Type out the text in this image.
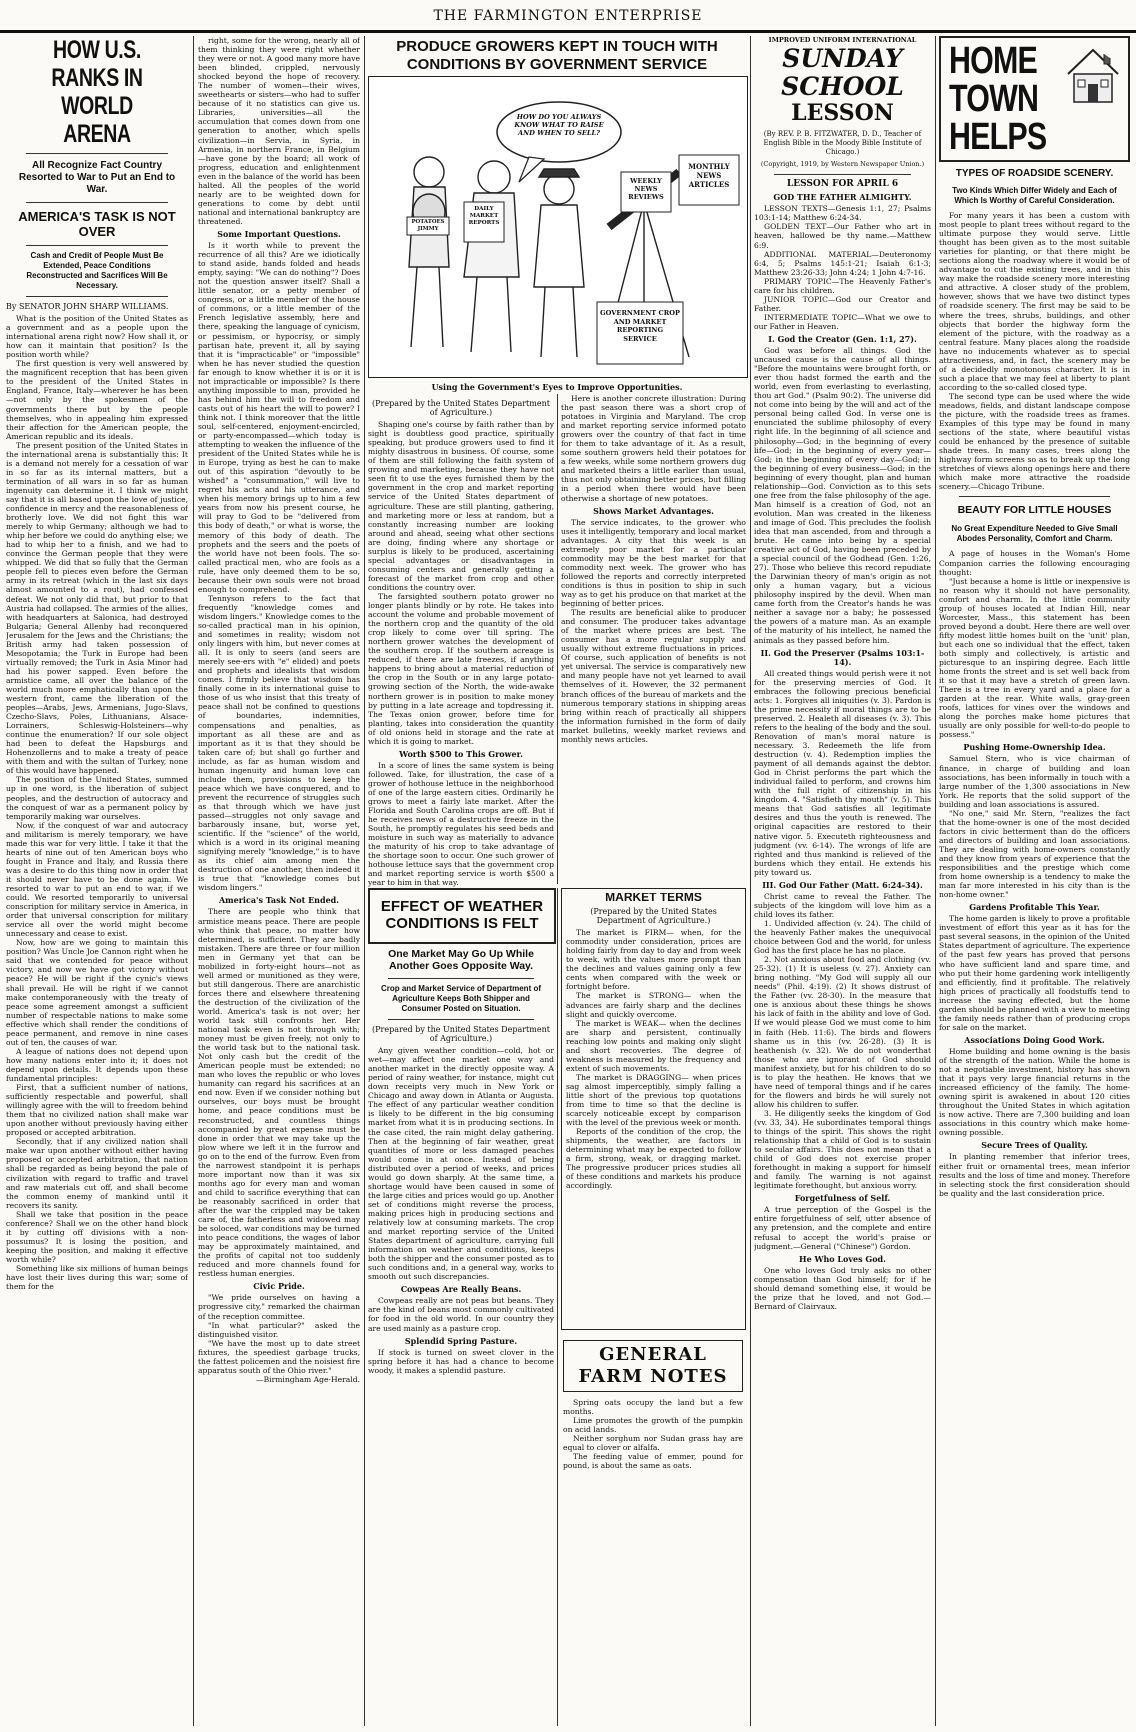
THE FARMINGTON ENTERPRISE
HOW U.S. RANKS IN WORLD ARENA
All Recognize Fact Country Resorted to War to Put an End to War.
AMERICA'S TASK IS NOT OVER
Cash and Credit of People Must Be Extended, Peace Conditions Reconstructed and Sacrifices Will Be Necessary.
By SENATOR JOHN SHARP WILLIAMS.

What is the position of the United States as a government and as a people upon the international arena right now? How shall it, or how can it maintain that position? Is the position worth while?

The first question is very well answered by the magnificent reception that has been given to the president of the United States in England, France, Italy—wherever he has been—not only by the spokesmen of the governments there but by the people themselves, who in appealing him expressed their affection for the American people, the American republic and its ideals.

The present position of the United States in the international arena is substantially this: It is a demand not merely for a cessation of war in so far as its internal matters, but a termination of all wars in so far as human ingenuity can determine it. I think we might say that it is all based upon the love of justice, confidence in mercy and the reasonableness of brotherly love. We did not fight this war merely to whip Germany; although we had to whip her before we could do anything else; we had to whip her to a finish, and we had to convince the German people that they were whipped. We did that so fully that the German people fell to pieces even before the German army in its retreat (which in the last six days almost amounted to a rout), had confessed defeat. We not only did that, but prior to that Austria had collapsed. The armies of the allies, with headquarters at Salonica, had destroyed Bulgaria; General Allenby had reconquered Jerusalem for the Jews and the Christians; the British army had taken possession of Mesopotamia; the Turk in Europe had been virtually removed; the Turk in Asia Minor had had his power sapped. Even before the armistice came, all over the balance of the world much more emphatically than upon the western front, came the liberation of the peoples—Arabs, Jews, Armenians, Jugo-Slavs, Czecho-Slavs, Poles, Lithuanians, Alsace-Lorrainers, Schleswig-Holsteiners—why continue the enumeration? If our sole object had been to defeat the Hapsburgs and Hohenzollerns and to make a treaty of peace with them and with the sultan of Turkey, none of this would have happened.

The position of the United States, summed up in one word, is the liberation of subject peoples, and the destruction of autocracy and the conquest of war as a permanent policy by temporarily making war ourselves.

Now, if the conquest of war and autocracy and militarism is merely temporary, we have made this war for very little. I take it that the hearts of nine out of ten American boys who fought in France and Italy, and Russia there was a desire to do this thing now in order that it should never have to be done again. We resorted to war to put an end to war, if we could. We resorted temporarily to universal conscription for military service in America, in order that universal conscription for military service all over the world might become unnecessary and cease to exist.

Now, how are we going to maintain this position? Was Uncle Joe Cannon right when he said that we contended for peace without victory, and now we have got victory without peace? He will be right if the cynic's views shall prevail. He will be right if we cannot make contemporaneously with the treaty of peace some agreement amongst a sufficient number of respectable nations to make some effective which shall render the conditions of peace permanent, and remove in nine cases out of ten, the causes of war.

A league of nations does not depend upon how many nations enter into it; it does not depend upon details. It depends upon these fundamental principles:

First, that a sufficient number of nations, sufficiently respectable and powerful, shall willingly agree with the will to freedom behind them that no civilized nation shall make war upon another without previously having either proposed or accepted arbitration.

Secondly, that if any civilized nation shall make war upon another without either having proposed or accepted arbitration, that nation shall be regarded as being beyond the pale of civilization with regard to traffic and travel and raw materials cut off, and shall become the common enemy of mankind until it recovers its sanity.

Shall we take that position in the peace conference? Shall we on the other hand block it by cutting off divisions with a non-possumus? It is losing the position, and keeping the position, and making it effective worth while?

Something like six millions of human beings have lost their lives during this war; some of them for the

right, some for the wrong, nearly all of them thinking they were right whether they were or not. A good many more have been blinded, crippled, nervously shocked beyond the hope of recovery. The number of women—their wives, sweethearts or sisters—who had to suffer because of it no statistics can give us. Libraries, universities—all the accumulation that comes down from one generation to another, which spells civilization—in Servia, in Syria, in Armenia, in northern France, in Belgium—have gone by the board; all work of progress, education and enlightenment even in the balance of the world has been halted. All the peoples of the world nearly are to be weighted down for generations to come by debt until national and international bankruptcy are threatened.

Some Important Questions.

Is it worth while to prevent the recurrence of all this? Are we idiotically to stand aside, hands folded and heads empty, saying: "We can do nothing"? Does not the question answer itself? Shall a little senator, or a petty member of congress, or a little member of the house of commons, or a little member of the French legislative assembly, here and there, speaking the language of cynicism, or pessimism, or hypocrisy, or simply partisan hate, prevent it, all by saying that it is "impracticable" or "impossible" when he has never studied the question far enough to know whether it is or it is not impracticable or impossible? Is there anything impossible to man, provided he has behind him the will to freedom and casts out of his heart the will to power? I think not. I think moreover that the little soul, self-centered, enjoyment-encircled, or party-encompassed—which today is attempting to weaken the influence of the president of the United States while he is in Europe, trying as best he can to make out of this aspiration "devoutly to be wished" a "consummation," will live to regret his acts and his utterance, and when his memory brings up to him a few years from now his present course, he will pray to God to be "delivered from this body of death," or what is worse, the memory of this body of death. The prophets and the seers and the poets of the world have not been fools. The so-called practical men, who are fools as a rule, have only deemed them to be so, because their own souls were not broad enough to comprehend.

Tennyson refers to the fact that frequently "knowledge comes and wisdom lingers." Knowledge comes to the so-called practical man in his opinion, and sometimes in reality; wisdom not only lingers with him, but never comes at all. It is only to seers (and seers are merely see-ers with "e" elided) and poets and prophets and idealists that wisdom comes. I firmly believe that wisdom has finally come in its international guise to those of us who insist that this treaty of peace shall not be confined to questions of boundaries, indemnities, compensations and penalties, as important as all these are and as important as it is that they should be taken care of; but shall go further and include, as far as human wisdom and human ingenuity and human love can include them, provisions to keep the peace which we have conquered, and to prevent the recurrence of struggles such as that through which we have just passed—struggles not only savage and barbarously insane, but, worse yet, scientific. If the "science" of the world, which is a word in its original meaning signifying merely "knowledge," is to have as its chief aim among men the destruction of one another, then indeed it is true that "knowledge comes but wisdom lingers."

America's Task Not Ended.

There are people who think that armistice means peace. There are people who think that peace, no matter how determined, is sufficient. They are badly mistaken. There are three or four million men in Germany yet that can be mobilized in forty-eight hours—not as well armed or munitioned as they were, but still dangerous. There are anarchistic forces there and elsewhere threatening the destruction of the civilization of the world. America's task is not over; her world task still confronts her. Her national task even is not through with; money must be given freely, not only to the world task but to the national task. Not only cash but the credit of the American people must be extended; no man who loves the republic or who loves humanity can regard his sacrifices at an end now. Even if we consider nothing but ourselves, our boys must be brought home, and peace conditions must be reconstructed, and countless things accompanied by great expense must be done in order that we may take up the plow where we left it in the furrow and go on to the end of the furrow. Even from the narrowest standpoint it is perhaps more important now than it was six months ago for every man and woman and child to sacrifice everything that can be reasonably sacrificed in order that after the war the crippled may be taken care of, the fatherless and widowed may be soloced, war conditions may be turned into peace conditions, the wages of labor may be approximately maintained, and the profits of capital not too suddenly reduced and more channels found for restless human energies.

Civic Pride.

"We pride ourselves on having a progressive city," remarked the chairman of the reception committee.

"In what particular?" asked the distinguished visitor.

"We have the most up to date street fixtures, the speediest garbage trucks, the fattest policemen and the noisiest fire apparatus south of the Ohio river."

—Birmingham Age-Herald.

PRODUCE GROWERS KEPT IN TOUCH WITH CONDITIONS BY GOVERNMENT SERVICE
HOW DO YOU ALWAYS KNOW WHAT TO RAISE AND WHEN TO SELL?
WEEKLY NEWS REVIEWS
MONTHLY NEWS ARTICLES
GOVERNMENT CROP AND MARKET REPORTING SERVICE
DAILY MARKET REPORTS
POTATOES JIMMY
Using the Government's Eyes to Improve Opportunities.
(Prepared by the United States Department of Agriculture.)

Shaping one's course by faith rather than by sight is doubtless good practice, spiritually speaking, but produce growers used to find it mighty disastrous in business. Of course, some of them are still following the faith system of growing and marketing, because they have not seen fit to use the eyes furnished them by the government in the crop and market reporting service of the United States department of agriculture. These are still planting, gathering, and marketing more or less at random, but a constantly increasing number are looking around and ahead, seeing what other sections are doing, finding where any shortage or surplus is likely to be produced, ascertaining special advantages or disadvantages in consuming centers and generally getting a forecast of the market from crop and other conditions the country over.

The farsighted southern potato grower no longer plants blindly or by rote. He takes into account the volume and probable movement of the northern crop and the quantity of the old crop likely to come over till spring. The northern grower watches the development of the southern crop. If the southern acreage is reduced, if there are late freezes, if anything happens to bring about a material reduction of the crop in the South or in any large potato-growing section of the North, the wide-awake northern grower is in position to make money by putting in a late acreage and topdressing it. The Texas onion grower, before time for planting, takes into consideration the quantity of old onions held in storage and the rate at which it is going to market.

Worth $500 to This Grower.

In a score of lines the same system is being followed. Take, for illustration, the case of a grower of hothouse lettuce in the neighborhood of one of the large eastern cities. Ordinarily he grows to meet a fairly late market. After the Florida and South Carolina crops are off. But if he receives news of a destructive freeze in the South, he promptly regulates his seed beds and moisture in such way as materially to advance the maturity of his crop to take advantage of the shortage soon to occur. One such grower of hothouse lettuce says that the government crop and market reporting service is worth $500 a year to him in that way.

Here is another concrete illustration: During the past season there was a short crop of potatoes in Virginia and Maryland. The crop and market reporting service informed potato growers over the country of that fact in time for them to take advantage of it. As a result, some southern growers held their potatoes for a few weeks, while some northern growers dug and marketed theirs a little earlier than usual, thus not only obtaining better prices, but filling in a period when there would have been otherwise a shortage of new potatoes.

Shows Market Advantages.

The service indicates, to the grower who uses it intelligently, temporary and local market advantages. A city that this week is an extremely poor market for a particular commodity may be the best market for that commodity next week. The grower who has followed the reports and correctly interpreted conditions is thus in position to ship in such way as to get his produce on that market at the beginning of better prices.

The results are beneficial alike to producer and consumer. The producer takes advantage of the market where prices are best. The consumer has a more regular supply and usually without extreme fluctuations in prices. Of course, such application of benefits is not yet universal. The service is comparatively new and many people have not yet learned to avail themselves of it. However, the 32 permanent branch offices of the bureau of markets and the numerous temporary stations in shipping areas bring within reach of practically all shippers the information furnished in the form of daily market bulletins, weekly market reviews and monthly news articles.

EFFECT OF WEATHER CONDITIONS IS FELT
One Market May Go Up While Another Goes Opposite Way.
Crop and Market Service of Department of Agriculture Keeps Both Shipper and Consumer Posted on Situation.
(Prepared by the United States Department of Agriculture.)

Any given weather condition—cold, hot or wet—may affect one market one way and another market in the directly opposite way. A period of rainy weather, for instance, might cut down receipts very much in New York or Chicago and away down in Atlanta or Augusta. The effect of any particular weather condition is likely to be different in the big consuming market from what it is in producing sections. In the case cited, the rain might delay gathering. Then at the beginning of fair weather, great quantities of more or less damaged peaches would come in at once. Instead of being distributed over a period of weeks, and prices would go down sharply. At the same time, a shortage would have been caused in some of the large cities and prices would go up. Another set of conditions might reverse the process, making prices high in producing sections and relatively low at consuming markets. The crop and market reporting service of the United States department of agriculture, carrying full information on weather and conditions, keeps both the shipper and the consumer posted as to such conditions and, in a general way, works to smooth out such discrepancies.

Cowpeas Are Really Beans.

Cowpeas really are not peas but beans. They are the kind of beans most commonly cultivated for food in the old world. In our country they are used mainly as a pasture crop.

Splendid Spring Pasture.

If stock is turned on sweet clover in the spring before it has had a chance to become woody, it makes a splendid pasture.

MARKET TERMS
(Prepared by the United States Department of Agriculture.)

The market is FIRM— when, for the commodity under consideration, prices are holding fairly from day to day and from week to week, with the values more prompt than the declines and values gaining only a few cents when compared with the week or fortnight before.

The market is STRONG— when the advances are fairly sharp and the declines slight and quickly overcome.

The market is WEAK— when the declines are sharp and persistent, continually reaching low points and making only slight and short recoveries. The degree of weakness is measured by the frequency and extent of such movements.

The market is DRAGGING— when prices sag almost imperceptibly, simply falling a little short of the previous top quotations from time to time so that the decline is scarcely noticeable except by comparison with the level of the previous week or month.

Reports of the condition of the crop, the shipments, the weather, are factors in determining what may be expected to follow a firm, strong, weak, or dragging market. The progressive producer prices studies all of these conditions and markets his produce accordingly.

GENERAL FARM NOTES

Spring oats occupy the land but a few months.

Lime promotes the growth of the pumpkin on acid lands.

Neither sorghum nor Sudan grass hay are equal to clover or alfalfa.

The feeding value of emmer, pound for pound, is about the same as oats.

IMPROVED UNIFORM INTERNATIONAL
SUNDAY SCHOOL
LESSON
(By REV. P. B. FITZWATER, D. D., Teacher of English Bible in the Moody Bible Institute of Chicago.)
(Copyright, 1919, by Western Newspaper Union.)
LESSON FOR APRIL 6
GOD THE FATHER ALMIGHTY.

LESSON TEXTS—Genesis 1:1, 27; Psalms 103:1-14; Matthew 6:24-34.

GOLDEN TEXT—Our Father who art in heaven, hallowed be thy name.—Matthew 6:9.

ADDITIONAL MATERIAL—Deuteronomy 6:4, 5; Psalms 145:1-21; Isaiah 6:1-3; Matthew 23:26-33; John 4:24; 1 John 4:7-16.

PRIMARY TOPIC—The Heavenly Father's care for his children.

JUNIOR TOPIC—God our Creator and Father.

INTERMEDIATE TOPIC—What we owe to our Father in Heaven.

I. God the Creator (Gen. 1:1, 27).

God was before all things. God the uncaused cause is the cause of all things. "Before the mountains were brought forth, or ever thou hadst formed the earth and the world, even from everlasting to everlasting, thou art God." (Psalm 90:2). The universe did not come into being by the will and act of the personal being called God. In verse one is enunciated the sublime philosophy of every right life. In the beginning of all science and philosophy—God; in the beginning of every life—God; in the beginning of every year—God; in the beginning of every day—God; in the beginning of every business—God; in the beginning of every thought, plan and human relationship—God. Conviction as to this sets one free from the false philosophy of the age. Man himself is a creation of God, not an evolution. Man was created in the likeness and image of God. This precludes the foolish idea that man ascended, from and through a brute. He came into being by a special creative act of God, having been preceded by a special council of the Godhead (Gen. 1:26, 27). Those who believe this record repudiate the Darwinian theory of man's origin as not only a human vagary, but a vicious philosophy inspired by the devil. When man came forth from the Creator's hands he was neither a savage nor a baby; he possessed the powers of a mature man. As an example of the maturity of his intellect, he named the animals as they passed before him.

II. God the Preserver (Psalms 103:1-14).

All created things would perish were it not for the preserving mercies of God. It embraces the following precious beneficial acts: 1. Forgives all iniquities (v. 3). Pardon is the prime necessity if moral things are to be preserved. 2. Healeth all diseases (v. 3). This refers to the healing of the body and the soul. Renovation of man's moral nature is necessary. 3. Redeemeth the life from destruction (v. 4). Redemption implies the payment of all demands against the debtor. God in Christ performs the part which the individual failed to perform, and crowns him with the full right of citizenship in his kingdom. 4. "Satisfieth thy mouth" (v. 5). This means that God satisfies all legitimate desires and thus the youth is renewed. The original capacities are restored to their native vigor. 5. Executeth righteousness and judgment (vv. 6-14). The wrongs of life are righted and thus mankind is relieved of the burdens which they entail. He extends his pity toward us.

III. God Our Father (Matt. 6:24-34).

Christ came to reveal the Father. The subjects of the kingdom will love him as a child loves its father.

1. Undivided affection (v. 24). The child of the heavenly Father makes the unequivocal choice between God and the world, for unless God has the first place he has no place.

2. Not anxious about food and clothing (vv. 25-32). (1) It is useless (v. 27). Anxiety can bring nothing. "My God will supply all our needs" (Phil. 4:19). (2) It shows distrust of the Father (vv. 28-30). In the measure that one is anxious about these things he shows his lack of faith in the ability and love of God. If we would please God we must come to him in faith (Heb. 11:6). The birds and flowers shame us in this (vv. 26-28). (3) It is heathenish (v. 32). We do not wonderthat those who are ignorant of God should manifest anxiety, but for his children to do so is to play the heathen. He knows that we have need of temporal things and if he cares for the flowers and birds he will surely not allow his children to suffer.

3. He diligently seeks the kingdom of God (vv. 33, 34). He subordinates temporal things to things of the spirit. This shows the right relationship that a child of God is to sustain to secular affairs. This does not mean that a child of God does not exercise proper forethought in making a support for himself and family. The warning is not against legitimate forethought, but anxious worry.

Forgetfulness of Self.

A true perception of the Gospel is the entire forgetfulness of self, utter absence of any pretension, and the complete and entire refusal to accept the world's praise or judgment.—General ("Chinese") Gordon.

He Who Loves God.

One who loves God truly asks no other compensation than God himself; for if he should demand something else, it would be the prize that he loved, and not God.—Bernard of Clairvaux.

HOME
TOWN
HELPS
TYPES OF ROADSIDE SCENERY.
Two Kinds Which Differ Widely and Each of Which Is Worthy of Careful Consideration.

For many years it has been a custom with most people to plant trees without regard to the ultimate purpose they would serve. Little thought has been given as to the most suitable varieties for planting, or that there might be sections along the roadway where it would be of advantage to cut the existing trees, and in this way make the roadside scenery more interesting and attractive. A closer study of the problem, however, shows that we have two distinct types of roadside scenery. The first may be said to be where the trees, shrubs, buildings, and other objects that border the highway form the element of the picture, with the roadway as a central feature. Many places along the roadside have no inducements whatever as to special attractiveness, and, in fact, the scenery may be of a decidedly monotonous character. It is in such a place that we may feel at liberty to plant according to the so-called closed type.

The second type can be used where the wide meadows, fields, and distant landscape compose the picture, with the roadside trees as frames. Examples of this type may be found in many sections of the state, where beautiful vistas could be enhanced by the presence of suitable shade trees. In many cases, trees along the highway form screens so as to break up the long stretches of views along openings here and there which make more attractive the roadside scenery.—Chicago Tribune.

BEAUTY FOR LITTLE HOUSES
No Great Expenditure Needed to Give Small Abodes Personality, Comfort and Charm.

A page of houses in the Woman's Home Companion carries the following encouraging thought:

"Just because a home is little or inexpensive is no reason why it should not have personality, comfort and charm. In the little community group of houses located at Indian Hill, near Worcester, Mass., this statement has been proved beyond a doubt. Here there are well over fifty modest little homes built on the 'unit' plan, but each one so individual that the effect, taken both simply and collectively, is artistic and picturesque to an inspiring degree. Each little home fronts the street and is set well back from it so that it may have a stretch of green lawn. There is a tree in every yard and a place for a garden at the rear. White walls, gray-green roofs, lattices for vines over the windows and along the porches make home pictures that usually are only possible for well-to-do people to possess."

Pushing Home-Ownership Idea.

Samuel Stern, who is vice chairman of finance, in charge of building and loan associations, has been informally in touch with a large number of the 1,300 associations in New York. He reports that the solid support of the building and loan associations is assured.

"No one," said Mr. Stern, "realizes the fact that the home-owner is one of the most decided factors in civic betterment than do the officers and directors of building and loan associations. They are dealing with home-owners constantly and they know from years of experience that the responsibilities and the prestige which come from home ownership is a tendency to make the man far more interested in his city than is the non-home owner."

Gardens Profitable This Year.

The home garden is likely to prove a profitable investment of effort this year as it has for the past several seasons, in the opinion of the United States department of agriculture. The experience of the past few years has proved that persons who have sufficient land and spare time, and who put their home gardening work intelligently and efficiently, find it profitable. The relatively high prices of practically all foodstuffs tend to increase the saving effected, but the home garden should be planned with a view to meeting the family needs rather than of producing crops for sale on the market.

Associations Doing Good Work.

Home building and home owning is the basis of the strength of the nation. While the home is not a negotiable investment, history has shown that it pays very large financial returns in the increased efficiency of the family. The home-owning spirit is awakened in about 120 cities throughout the United States in which agitation is now active. There are 7,300 building and loan associations in this country which make home-owning possible.

Secure Trees of Quality.

In planting remember that inferior trees, either fruit or ornamental trees, mean inferior results and the loss of time and money. Therefore in selecting stock the first consideration should be quality and the last consideration price.
